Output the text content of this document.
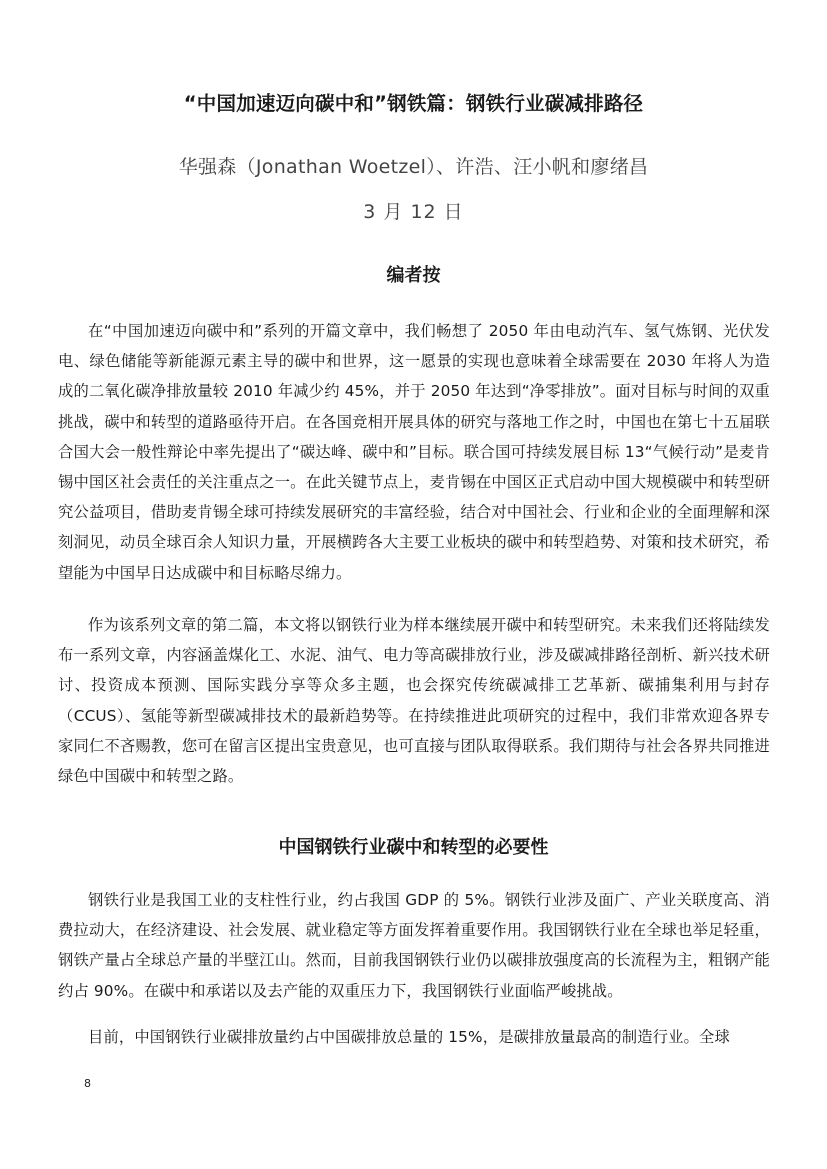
“中国加速迈向碳中和”钢铁篇：钢铁行业碳减排路径
华强森（Jonathan Woetzel）、许浩、汪小帆和廖绪昌
3 月 12 日
编者按

在“中国加速迈向碳中和”系列的开篇文章中，我们畅想了 2050 年由电动汽车、氢气炼钢、光伏发电、绿色储能等新能源元素主导的碳中和世界，这一愿景的实现也意味着全球需要在 2030 年将人为造成的二氧化碳净排放量较 2010 年减少约 45%，并于 2050 年达到“净零排放”。面对目标与时间的双重挑战，碳中和转型的道路亟待开启。在各国竞相开展具体的研究与落地工作之时，中国也在第七十五届联合国大会一般性辩论中率先提出了“碳达峰、碳中和”目标。联合国可持续发展目标 13“气候行动”是麦肯锡中国区社会责任的关注重点之一。在此关键节点上，麦肯锡在中国区正式启动中国大规模碳中和转型研究公益项目，借助麦肯锡全球可持续发展研究的丰富经验，结合对中国社会、行业和企业的全面理解和深刻洞见，动员全球百余人知识力量，开展横跨各大主要工业板块的碳中和转型趋势、对策和技术研究，希望能为中国早日达成碳中和目标略尽绵力。

作为该系列文章的第二篇，本文将以钢铁行业为样本继续展开碳中和转型研究。未来我们还将陆续发布一系列文章，内容涵盖煤化工、水泥、油气、电力等高碳排放行业，涉及碳减排路径剖析、新兴技术研讨、投资成本预测、国际实践分享等众多主题，也会探究传统碳减排工艺革新、碳捕集利用与封存（CCUS）、氢能等新型碳减排技术的最新趋势等。在持续推进此项研究的过程中，我们非常欢迎各界专家同仁不吝赐教，您可在留言区提出宝贵意见，也可直接与团队取得联系。我们期待与社会各界共同推进绿色中国碳中和转型之路。

中国钢铁行业碳中和转型的必要性

钢铁行业是我国工业的支柱性行业，约占我国 GDP 的 5%。钢铁行业涉及面广、产业关联度高、消费拉动大，在经济建设、社会发展、就业稳定等方面发挥着重要作用。我国钢铁行业在全球也举足轻重，钢铁产量占全球总产量的半壁江山。然而，目前我国钢铁行业仍以碳排放强度高的长流程为主，粗钢产能约占 90%。在碳中和承诺以及去产能的双重压力下，我国钢铁行业面临严峻挑战。

目前，中国钢铁行业碳排放量约占中国碳排放总量的 15%，是碳排放量最高的制造行业。全球

8
